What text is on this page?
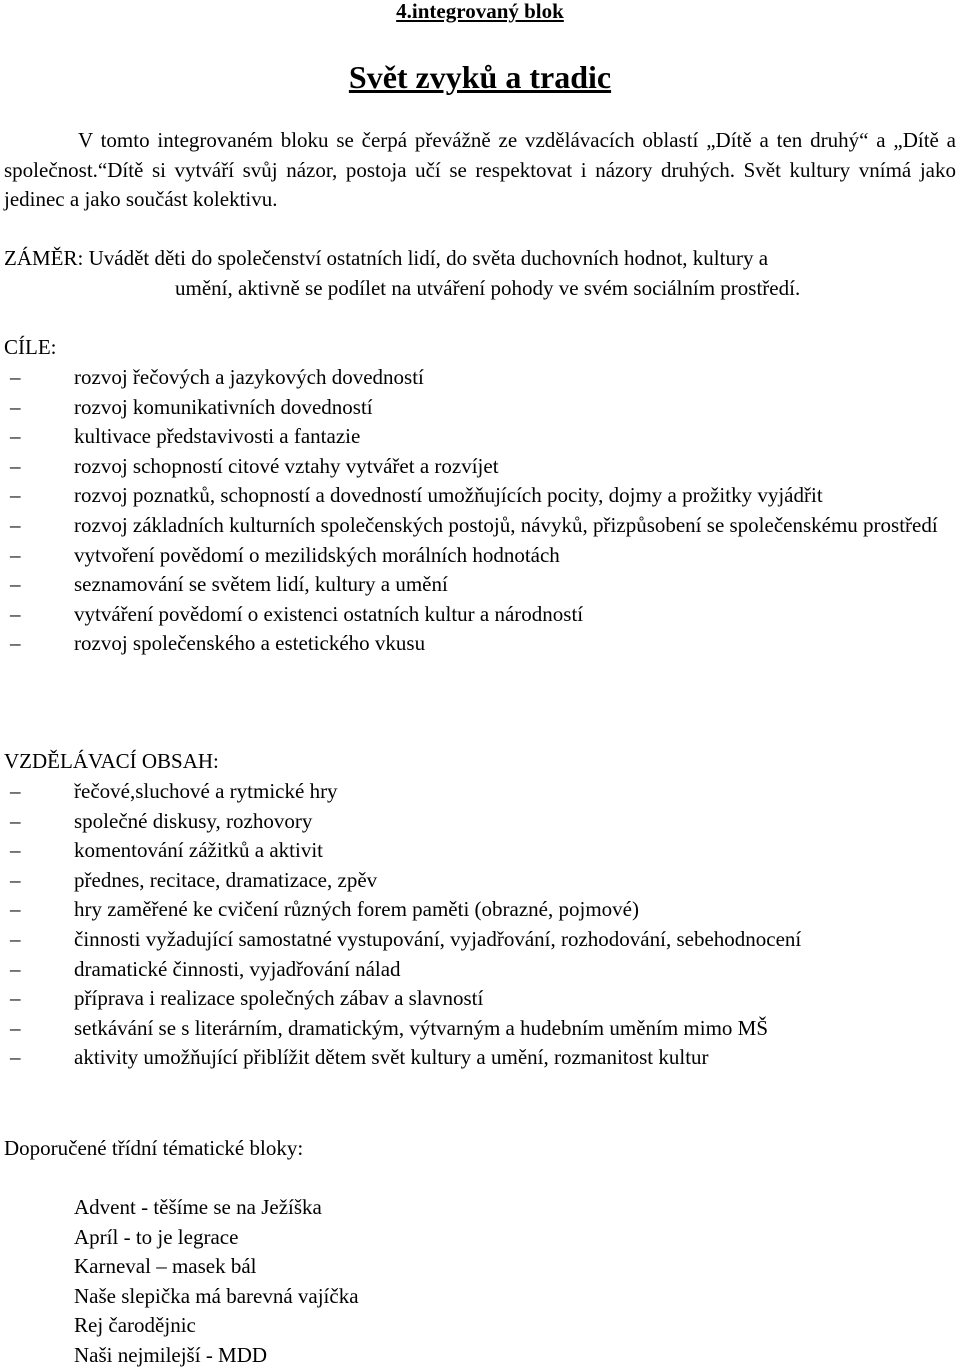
4.integrovaný blok
Svět zvyků a tradic

V tomto integrovaném bloku se čerpá převážně ze vzdělávacích oblastí „Dítě a ten druhý“ a „Dítě a společnost.“Dítě si vytváří svůj názor, postoja učí se respektovat i názory druhých. Svět kultury vnímá jako jedinec a jako součást kolektivu.

ZÁMĚR: Uvádět děti do společenství ostatních lidí, do světa duchovních hodnot, kultury a
umění, aktivně se podílet na utváření pohody ve svém sociálním prostředí.

CÍLE:

–	rozvoj řečových a jazykových dovedností
–	rozvoj komunikativních dovedností
–	kultivace představivosti a fantazie
–	rozvoj schopností citové vztahy vytvářet a rozvíjet
–	rozvoj poznatků, schopností a dovedností umožňujících pocity, dojmy a prožitky vyjádřit
–	rozvoj základních kulturních společenských postojů, návyků, přizpůsobení se společenskému prostředí
–	vytvoření povědomí o mezilidských morálních hodnotách
–	seznamování se světem lidí, kultury a umění
–	vytváření povědomí o existenci ostatních kultur a národností
–	rozvoj společenského a estetického vkusu

VZDĚLÁVACÍ OBSAH:

–	řečové,sluchové a rytmické hry
–	společné diskusy, rozhovory
–	komentování zážitků a aktivit
–	přednes, recitace, dramatizace, zpěv
–	hry zaměřené ke cvičení různých forem paměti (obrazné, pojmové)
–	činnosti vyžadující samostatné vystupování, vyjadřování, rozhodování, sebehodnocení
–	dramatické činnosti, vyjadřování nálad
–	příprava i realizace společných zábav a slavností
–	setkávání se s literárním, dramatickým, výtvarným a hudebním uměním mimo MŠ
–	aktivity umožňující přiblížit dětem svět kultury a umění, rozmanitost kultur

Doporučené třídní tématické bloky:

Advent - těšíme se na Ježíška
Apríl - to je legrace
Karneval – masek bál
Naše slepička má barevná vajíčka
Rej čarodějnic
Naši nejmilejší - MDD
